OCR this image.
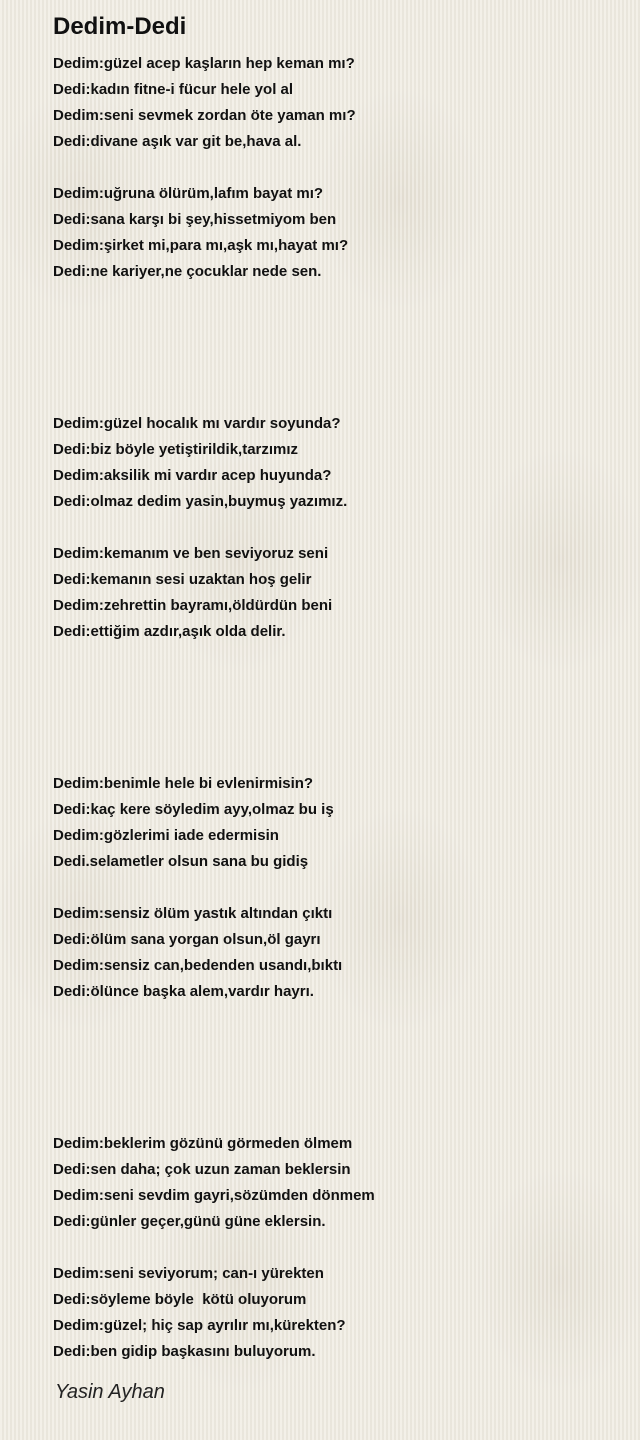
Dedim-Dedi
Dedim:güzel acep kaşların hep keman mı?
Dedi:kadın fitne-i fücur hele yol al
Dedim:seni sevmek zordan öte yaman mı?
Dedi:divane aşık var git be,hava al.
Dedim:uğruna ölürüm,lafım bayat mı?
Dedi:sana karşı bi şey,hissetmiyom ben
Dedim:şirket mi,para mı,aşk mı,hayat mı?
Dedi:ne kariyer,ne çocuklar nede sen.
Dedim:güzel hocalık mı vardır soyunda?
Dedi:biz böyle yetiştirildik,tarzımız
Dedim:aksilik mi vardır acep huyunda?
Dedi:olmaz dedim yasin,buymuş yazımız.
Dedim:kemanım ve ben seviyoruz seni
Dedi:kemanın sesi uzaktan hoş gelir
Dedim:zehrettin bayramı,öldürdün beni
Dedi:ettiğim azdır,aşık olda delir.
Dedim:benimle hele bi evlenirmisin?
Dedi:kaç kere söyledim ayy,olmaz bu iş
Dedim:gözlerimi iade edermisin
Dedi.selametler olsun sana bu gidiş
Dedim:sensiz ölüm yastık altından çıktı
Dedi:ölüm sana yorgan olsun,öl gayrı
Dedim:sensiz can,bedenden usandı,bıktı
Dedi:ölünce başka alem,vardır hayrı.
Dedim:beklerim gözünü görmeden ölmem
Dedi:sen daha; çok uzun zaman beklersin
Dedim:seni sevdim gayri,sözümden dönmem
Dedi:günler geçer,günü güne eklersin.
Dedim:seni seviyorum; can-ı yürekten
Dedi:söyleme böyle  kötü oluyorum
Dedim:güzel; hiç sap ayrılır mı,kürekten?
Dedi:ben gidip başkasını buluyorum.
Yasin Ayhan
